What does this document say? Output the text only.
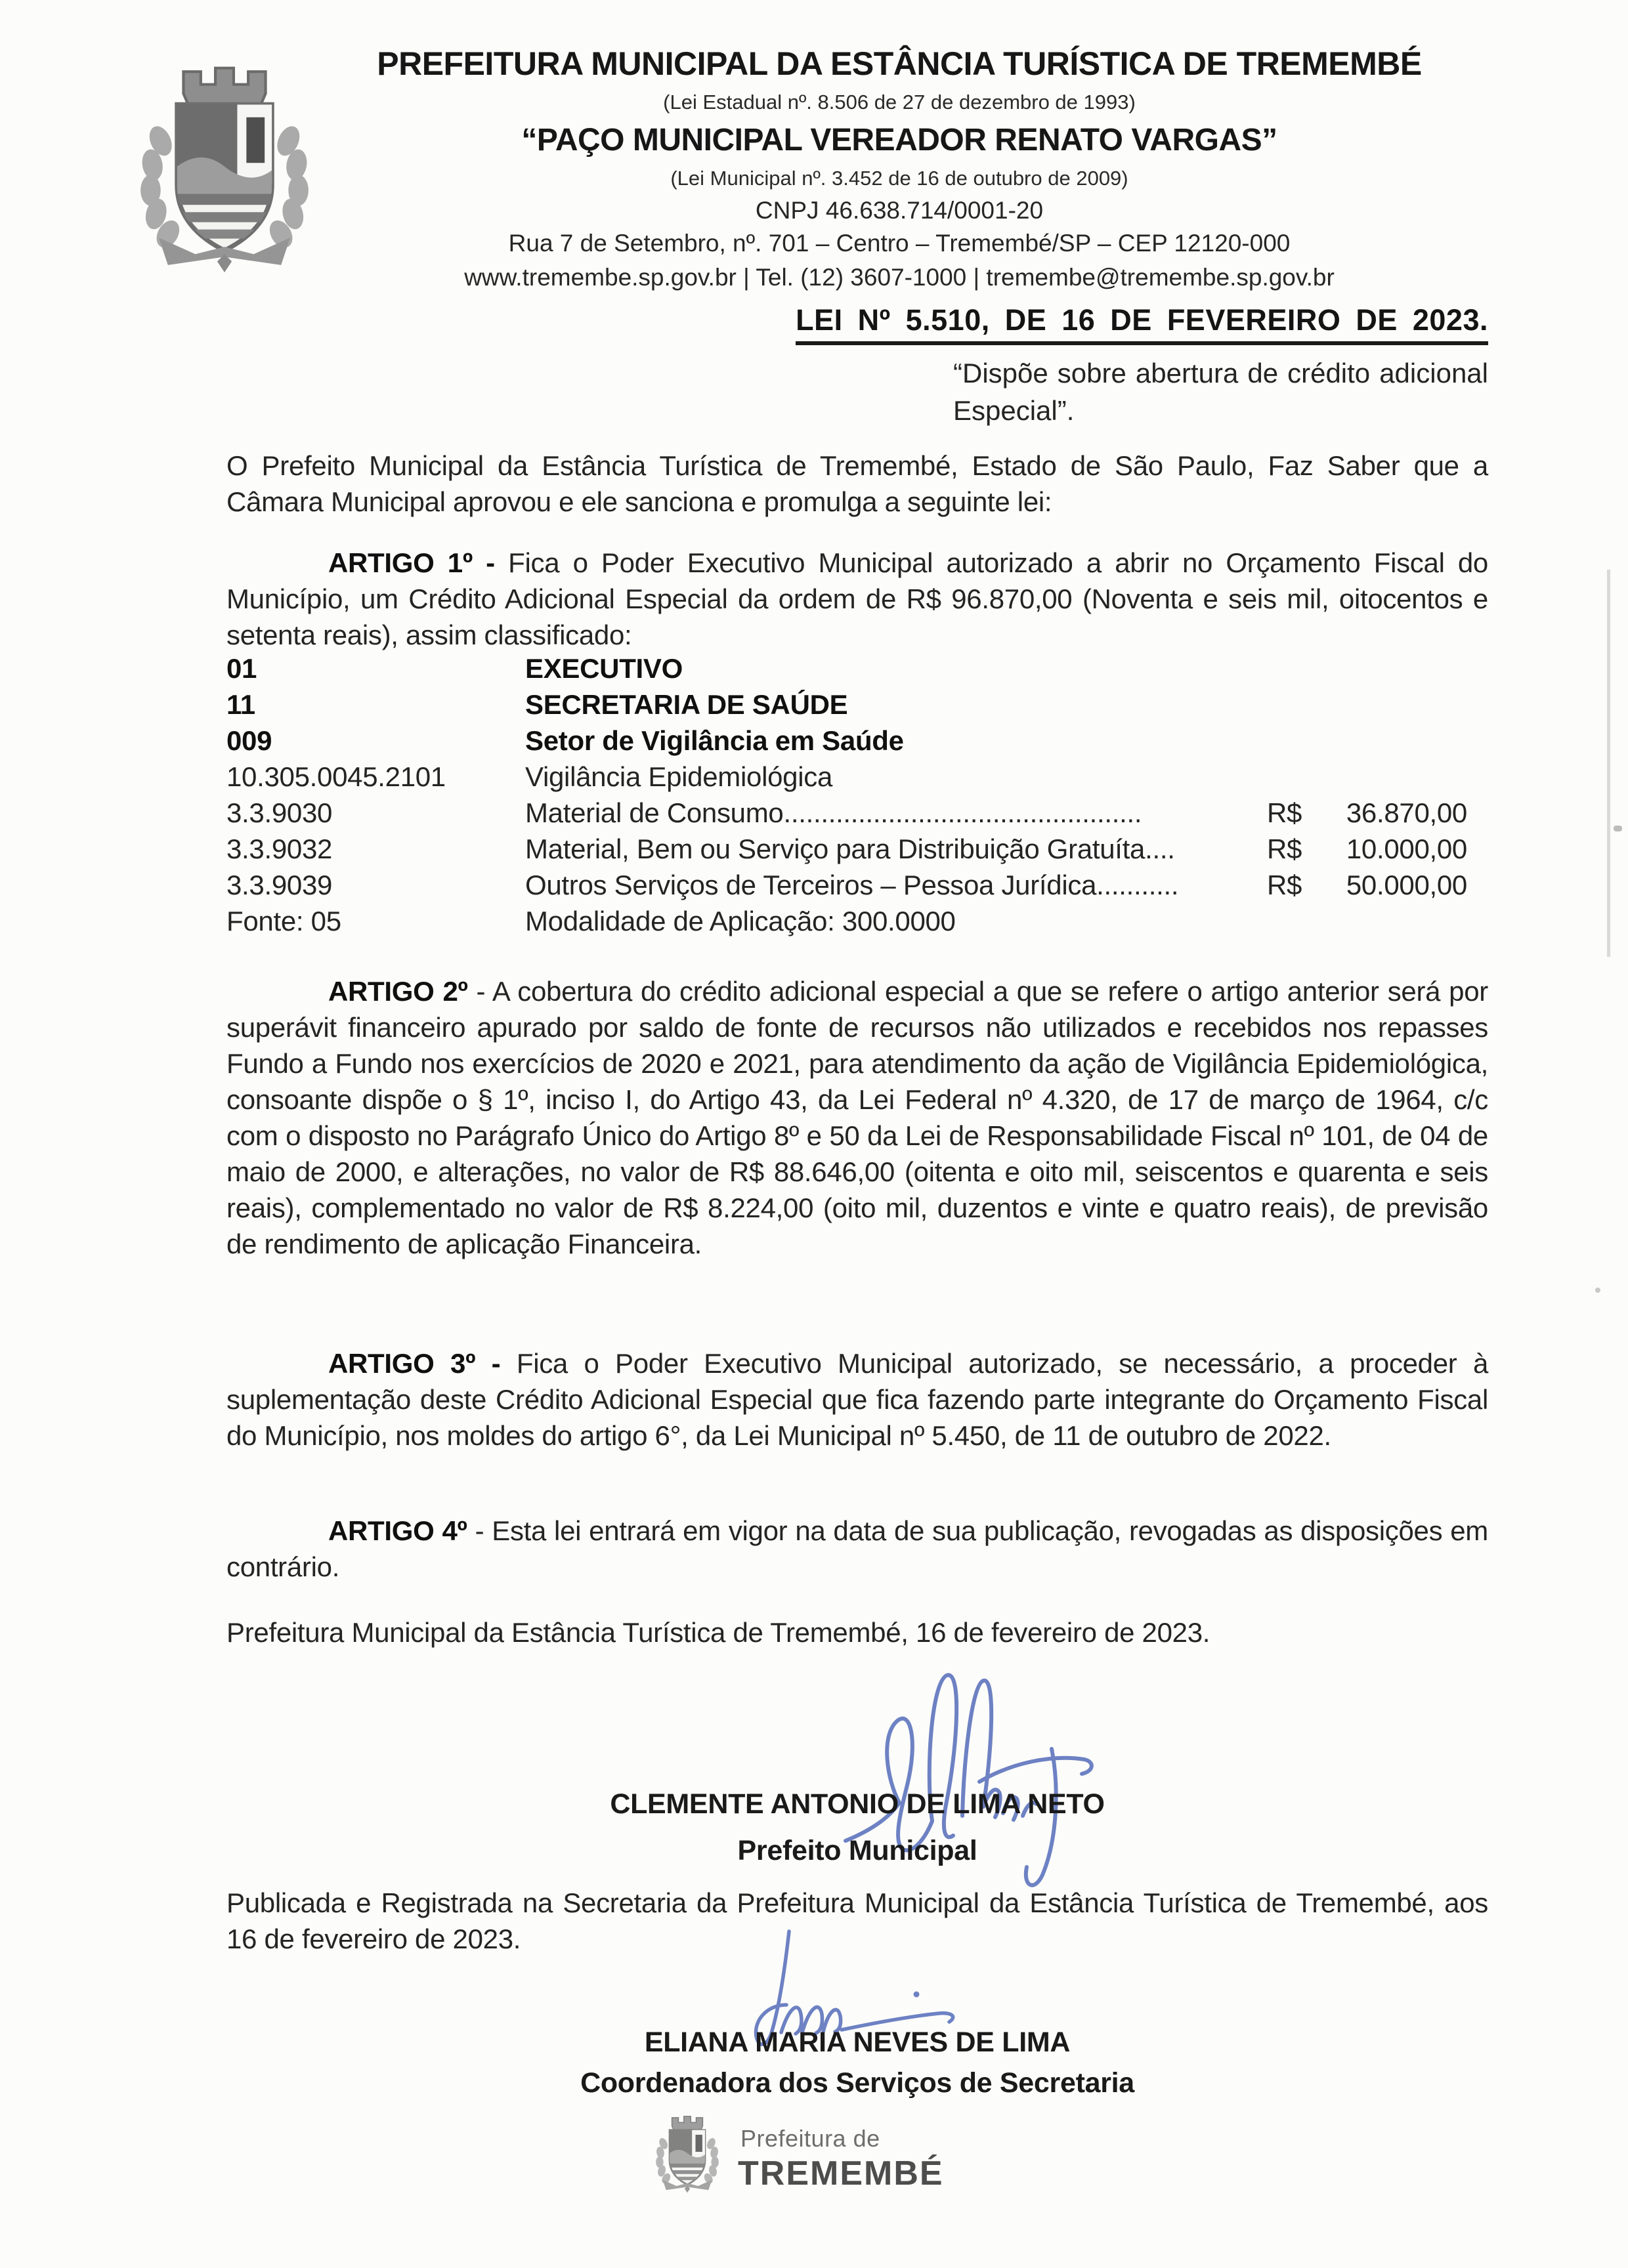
PREFEITURA MUNICIPAL DA ESTÂNCIA TURÍSTICA DE TREMEMBÉ
(Lei Estadual nº. 8.506 de 27 de dezembro de 1993)
“PAÇO MUNICIPAL VEREADOR RENATO VARGAS”
(Lei Municipal nº. 3.452 de 16 de outubro de 2009)
CNPJ 46.638.714/0001-20
Rua 7 de Setembro, nº. 701 – Centro – Tremembé/SP – CEP 12120-000
www.tremembe.sp.gov.br | Tel. (12) 3607-1000 | tremembe@tremembe.sp.gov.br
LEI Nº 5.510, DE 16 DE FEVEREIRO DE 2023.
“Dispõe sobre abertura de crédito adicional Especial”.
O Prefeito Municipal da Estância Turística de Tremembé, Estado de São Paulo, Faz Saber que a Câmara Municipal aprovou e ele sanciona e promulga a seguinte lei:
ARTIGO 1º - Fica o Poder Executivo Municipal autorizado a abrir no Orçamento Fiscal do Município, um Crédito Adicional Especial da ordem de R$ 96.870,00 (Noventa e seis mil, oitocentos e setenta reais), assim classificado:
01	EXECUTIVO
11	SECRETARIA DE SAÚDE
009	Setor de Vigilância em Saúde
10.305.0045.2101	Vigilância Epidemiológica
3.3.9030	Material de Consumo................................................	R$	36.870,00
3.3.9032	Material, Bem ou Serviço para Distribuição Gratuíta....	R$	10.000,00
3.3.9039	Outros Serviços de Terceiros – Pessoa Jurídica...........	R$	50.000,00
Fonte: 05	Modalidade de Aplicação: 300.0000
ARTIGO 2º - A cobertura do crédito adicional especial a que se refere o artigo anterior será por superávit financeiro apurado por saldo de fonte de recursos não utilizados e recebidos nos repasses Fundo a Fundo nos exercícios de 2020 e 2021, para atendimento da ação de Vigilância Epidemiológica, consoante dispõe o § 1º, inciso I, do Artigo 43, da Lei Federal nº 4.320, de 17 de março de 1964, c/c com o disposto no Parágrafo Único do Artigo 8º e 50 da Lei de Responsabilidade Fiscal nº 101, de 04 de maio de 2000, e alterações, no valor de R$ 88.646,00 (oitenta e oito mil, seiscentos e quarenta e seis reais), complementado no valor de R$ 8.224,00 (oito mil, duzentos e vinte e quatro reais), de previsão de rendimento de aplicação Financeira.
ARTIGO 3º - Fica o Poder Executivo Municipal autorizado, se necessário, a proceder à suplementação deste Crédito Adicional Especial que fica fazendo parte integrante do Orçamento Fiscal do Município, nos moldes do artigo 6°, da Lei Municipal nº 5.450, de 11 de outubro de 2022.
ARTIGO 4º - Esta lei entrará em vigor na data de sua publicação, revogadas as disposições em contrário.
Prefeitura Municipal da Estância Turística de Tremembé, 16 de fevereiro de 2023.
CLEMENTE ANTONIO DE LIMA NETO
Prefeito Municipal
Publicada e Registrada na Secretaria da Prefeitura Municipal da Estância Turística de Tremembé, aos 16 de fevereiro de 2023.
ELIANA MARIA NEVES DE LIMA
Coordenadora dos Serviços de Secretaria
Prefeitura de
TREMEMBÉ
